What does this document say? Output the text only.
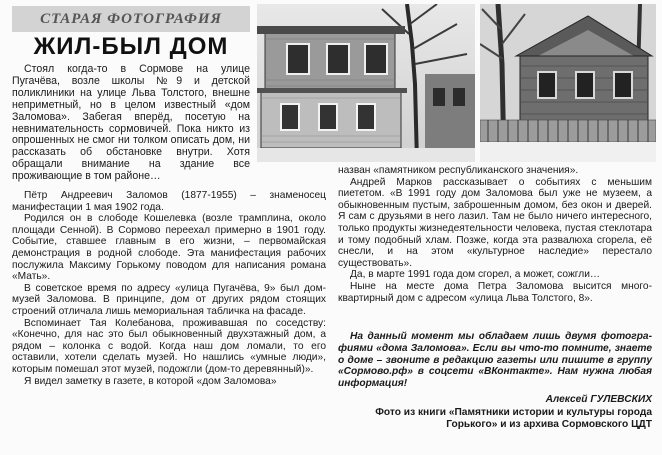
СТАРАЯ ФОТОГРАФИЯ
ЖИЛ-БЫЛ ДОМ

Стоял когда-то в Сормове на улице Пугачёва, возле школы №9 и детской поликлиники на улице Льва Толстого, внешне неприметный, но в целом известный «дом Заломова». Забегая вперёд, посетую на невнимательность сормовичей. Пока никто из опрошенных не смог ни толком описать дом, ни рассказать об обстановке внутри. Хотя обращали внимание на здание все проживающие в том районе…

Пётр Андреевич Заломов (1877-1955) – знаменосец манифестации 1 мая 1902 года.

Родился он в слободе Кошелевка (возле трамплина, около площади Сенной). В Сормово переехал примерно в 1901 году. Событие, ставшее главным в его жизни, – первомайская демонстрация в родной слободе. Эта манифестация рабочих послужила Максиму Горькому поводом для написания романа «Мать».

В советское время по адресу «улица Пугачёва, 9» был дом-музей Заломова. В принципе, дом от других рядом стоящих строений отличала лишь мемориальная табличка на фасаде.

Вспоминает Тая Колебанова, проживавшая по соседству: «Конечно, для нас это был обыкновенный двухэтажный дом, а рядом – колонка с водой. Когда наш дом ломали, то его оставили, хотели сделать музей. Но нашлись «умные люди», которым помешал этот музей, подожгли (дом-то деревянный)».

Я видел заметку в газете, в которой «дом Заломова»

назван «памятником республиканского значения».

Андрей Марков рассказывает о событиях с меньшим пиететом. «В 1991 году дом Заломова был уже не музеем, а обыкновенным пустым, заброшенным домом, без окон и дверей. Я сам с друзьями в него лазил. Там не было ничего интересного, только продукты жизнедеятельности человека, пустая стеклотара и тому подобный хлам. Позже, когда эта развалюха сгорела, её снесли, и на этом «культурное наследие» перестало существовать».

Да, в марте 1991 года дом сгорел, а может, сожгли…

Ныне на месте дома Петра Заломова высится многоквартирный дом с адресом «улица Льва Толстого, 8».

На данный момент мы обладаем лишь двумя фотографиями «дома Заломова». Если вы что-то помните, знаете о доме – звоните в редакцию газеты или пишите в группу «Сормово.рф» в соцсети «ВКонтакте». Нам нужна любая информация!

Алексей ГУЛЕВСКИХ

Фото из книги «Памятники истории и культуры города Горького» и из архива Сормовского ЦДТ
